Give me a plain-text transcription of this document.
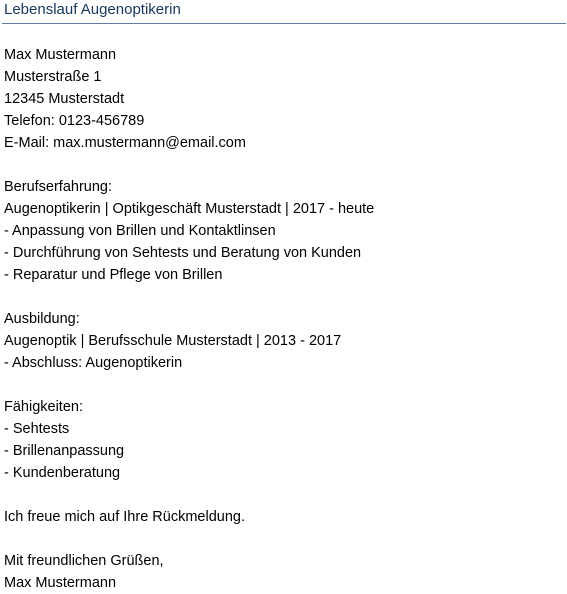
Lebenslauf Augenoptikerin
Max Mustermann
Musterstraße 1
12345 Musterstadt
Telefon: 0123-456789
E-Mail: max.mustermann@email.com
Berufserfahrung:
Augenoptikerin | Optikgeschäft Musterstadt | 2017 - heute
- Anpassung von Brillen und Kontaktlinsen
- Durchführung von Sehtests und Beratung von Kunden
- Reparatur und Pflege von Brillen
Ausbildung:
Augenoptik | Berufsschule Musterstadt | 2013 - 2017
- Abschluss: Augenoptikerin
Fähigkeiten:
- Sehtests
- Brillenanpassung
- Kundenberatung
Ich freue mich auf Ihre Rückmeldung.
Mit freundlichen Grüßen,
Max Mustermann
